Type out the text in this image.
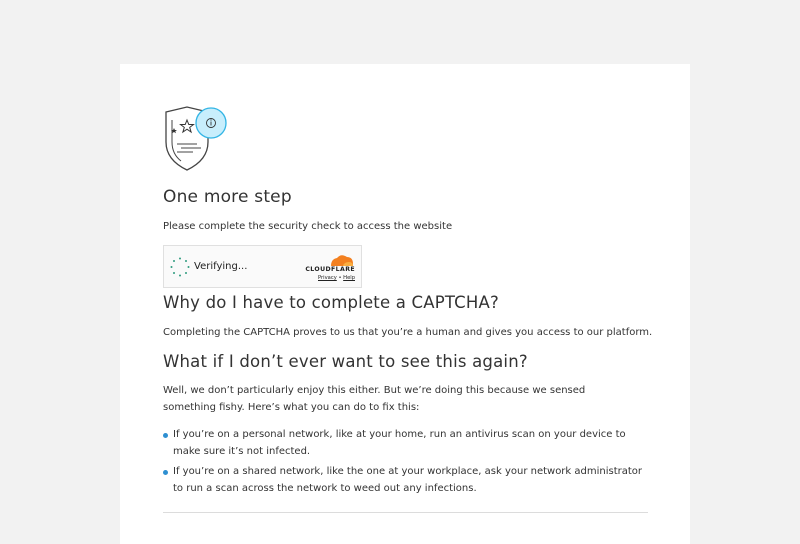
One more step

Please complete the security check to access the website

Verifying...	CLOUDFLARE
Privacy • Help
Why do I have to complete a CAPTCHA?

Completing the CAPTCHA proves to us that you’re a human and gives you access to our platform.

What if I don’t ever want to see this again?

Well, we don’t particularly enjoy this either. But we’re doing this because we sensed something fishy. Here’s what you can do to fix this:

If you’re on a personal network, like at your home, run an antivirus scan on your device to make sure it’s not infected.
If you’re on a shared network, like the one at your workplace, ask your network administrator to run a scan across the network to weed out any infections.
